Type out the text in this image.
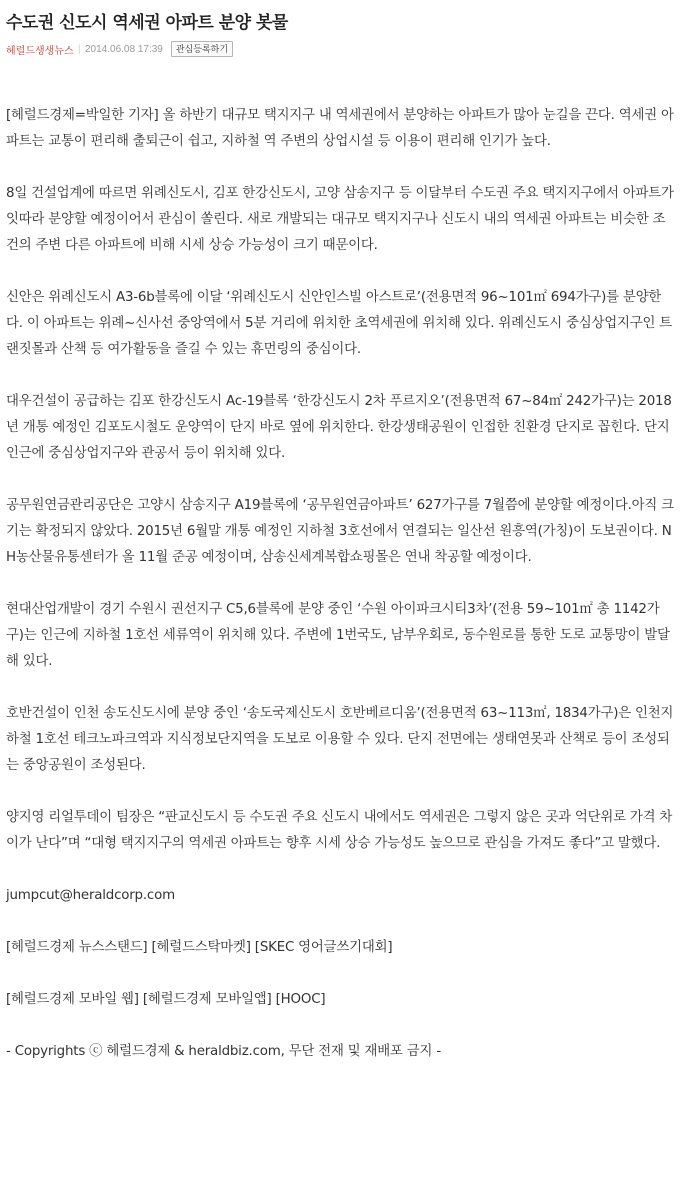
수도권 신도시 역세권 아파트 분양 봇물
헤럴드생생뉴스 | 2014.06.08 17:39	관심등록하기

[헤럴드경제=박일한 기자] 올 하반기 대규모 택지지구 내 역세권에서 분양하는 아파트가 많아 눈길을 끈다. 역세권 아파트는 교통이 편리해 출퇴근이 쉽고, 지하철 역 주변의 상업시설 등 이용이 편리해 인기가 높다.

8일 건설업계에 따르면 위례신도시, 김포 한강신도시, 고양 삼송지구 등 이달부터 수도권 주요 택지지구에서 아파트가 잇따라 분양할 예정이어서 관심이 쏠린다. 새로 개발되는 대규모 택지지구나 신도시 내의 역세권 아파트는 비슷한 조건의 주변 다른 아파트에 비해 시세 상승 가능성이 크기 때문이다.

신안은 위례신도시 A3-6b블록에 이달 ‘위례신도시 신안인스빌 아스트로’(전용면적 96~101㎡ 694가구)를 분양한다. 이 아파트는 위례~신사선 중앙역에서 5분 거리에 위치한 초역세권에 위치해 있다. 위례신도시 중심상업지구인 트랜짓몰과 산책 등 여가활동을 즐길 수 있는 휴먼링의 중심이다.

대우건설이 공급하는 김포 한강신도시 Ac-19블록 ‘한강신도시 2차 푸르지오’(전용면적 67~84㎡ 242가구)는 2018년 개통 예정인 김포도시철도 운양역이 단지 바로 옆에 위치한다. 한강생태공원이 인접한 친환경 단지로 꼽힌다. 단지 인근에 중심상업지구와 관공서 등이 위치해 있다.

공무원연금관리공단은 고양시 삼송지구 A19블록에 ‘공무원연금아파트’ 627가구를 7월쯤에 분양할 예정이다.아직 크기는 확정되지 않았다. 2015년 6월말 개통 예정인 지하철 3호선에서 연결되는 일산선 원흥역(가칭)이 도보권이다. NH농산물유통센터가 올 11월 준공 예정이며, 삼송신세계복합쇼핑몰은 연내 착공할 예정이다.

현대산업개발이 경기 수원시 권선지구 C5,6블록에 분양 중인 ‘수원 아이파크시티3차’(전용 59~101㎡ 총 1142가구)는 인근에 지하철 1호선 세류역이 위치해 있다. 주변에 1번국도, 남부우회로, 동수원로를 통한 도로 교통망이 발달해 있다.

호반건설이 인천 송도신도시에 분양 중인 ‘송도국제신도시 호반베르디움’(전용면적 63~113㎡, 1834가구)은 인천지하철 1호선 테크노파크역과 지식정보단지역을 도보로 이용할 수 있다. 단지 전면에는 생태연못과 산책로 등이 조성되는 중앙공원이 조성된다.

양지영 리얼투데이 팀장은 “판교신도시 등 수도권 주요 신도시 내에서도 역세권은 그렇지 않은 곳과 억단위로 가격 차이가 난다”며 “대형 택지지구의 역세권 아파트는 향후 시세 상승 가능성도 높으므로 관심을 가져도 좋다”고 말했다.

jumpcut@heraldcorp.com

[헤럴드경제 뉴스스탠드] [헤럴드스탁마켓] [SKEC 영어글쓰기대회]

[헤럴드경제 모바일 웹] [헤럴드경제 모바일앱] [HOOC]

- Copyrights ⓒ 헤럴드경제 & heraldbiz.com, 무단 전재 및 재배포 금지 -
